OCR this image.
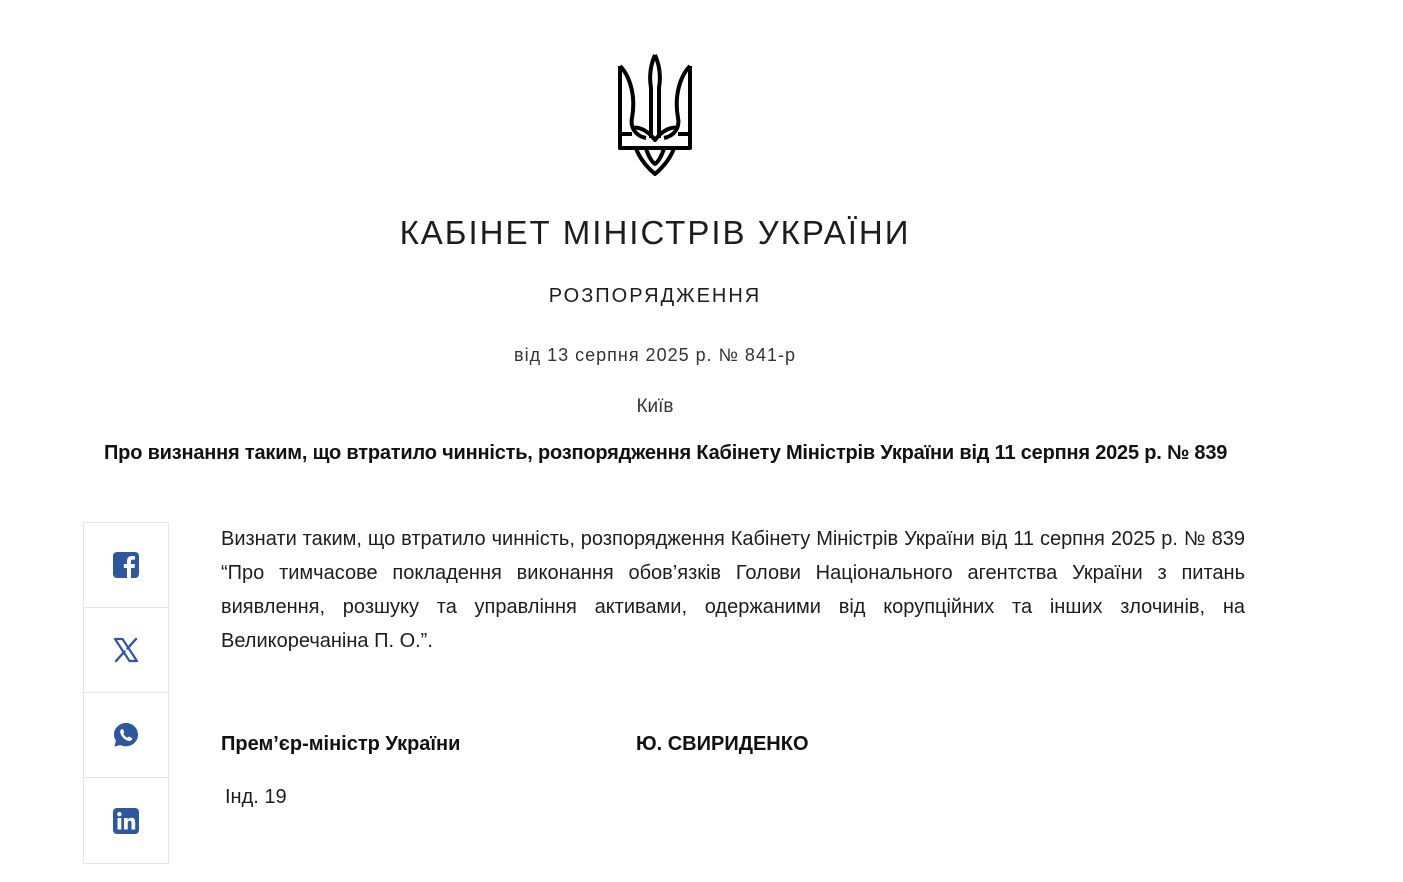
КАБІНЕТ МІНІСТРІВ УКРАЇНИ
РОЗПОРЯДЖЕННЯ
від 13 серпня 2025 р. № 841-р
Київ
Про визнання таким, що втратило чинність, розпорядження Кабінету Міністрів України від 11 серпня 2025 р. № 839

Визнати таким, що втратило чинність, розпорядження Кабінету Міністрів України від 11 серпня 2025 р. № 839 “Про тимчасове покладення виконання обов’язків Голови Національного агентства України з питань виявлення, розшуку та управління активами, одержаними від корупційних та інших злочинів, на Великоречаніна П. О.”.

Прем’єр-міністр України	Ю. СВИРИДЕНКО
Інд. 19
